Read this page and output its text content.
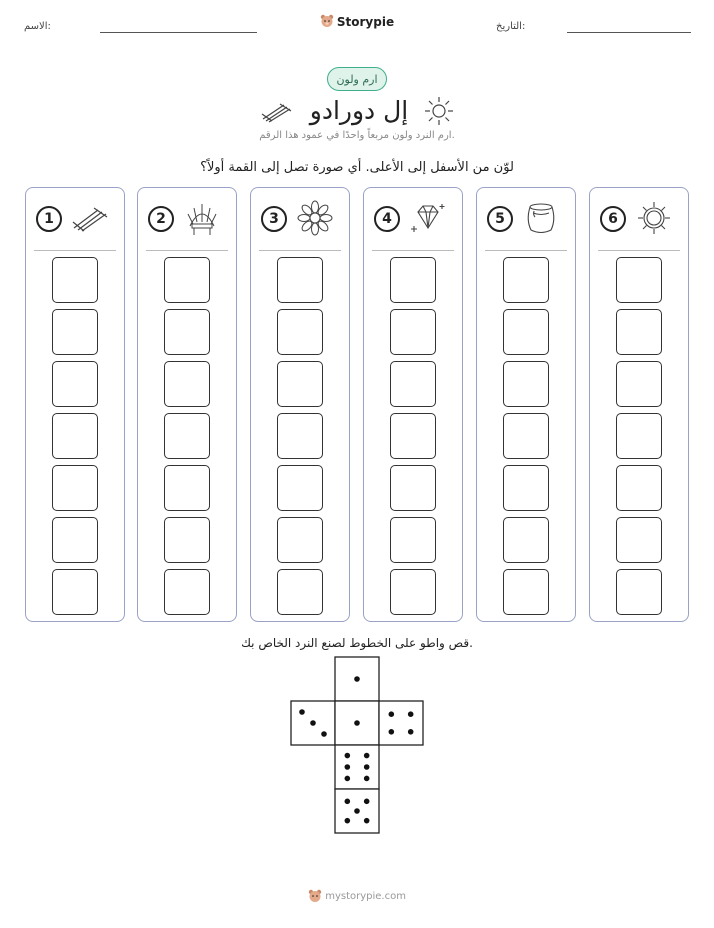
الاسم:	التاريخ:
Storypie
ارم ولون
إل دورادو
ارم النرد ولون مربعاً واحدًا في عمود هذا الرقم.
لوّن من الأسفل إلى الأعلى. أي صورة تصل إلى القمة أولاً؟
1	2	3	4	5	6
قص واطو على الخطوط لصنع النرد الخاص بك.
mystorypie.com
